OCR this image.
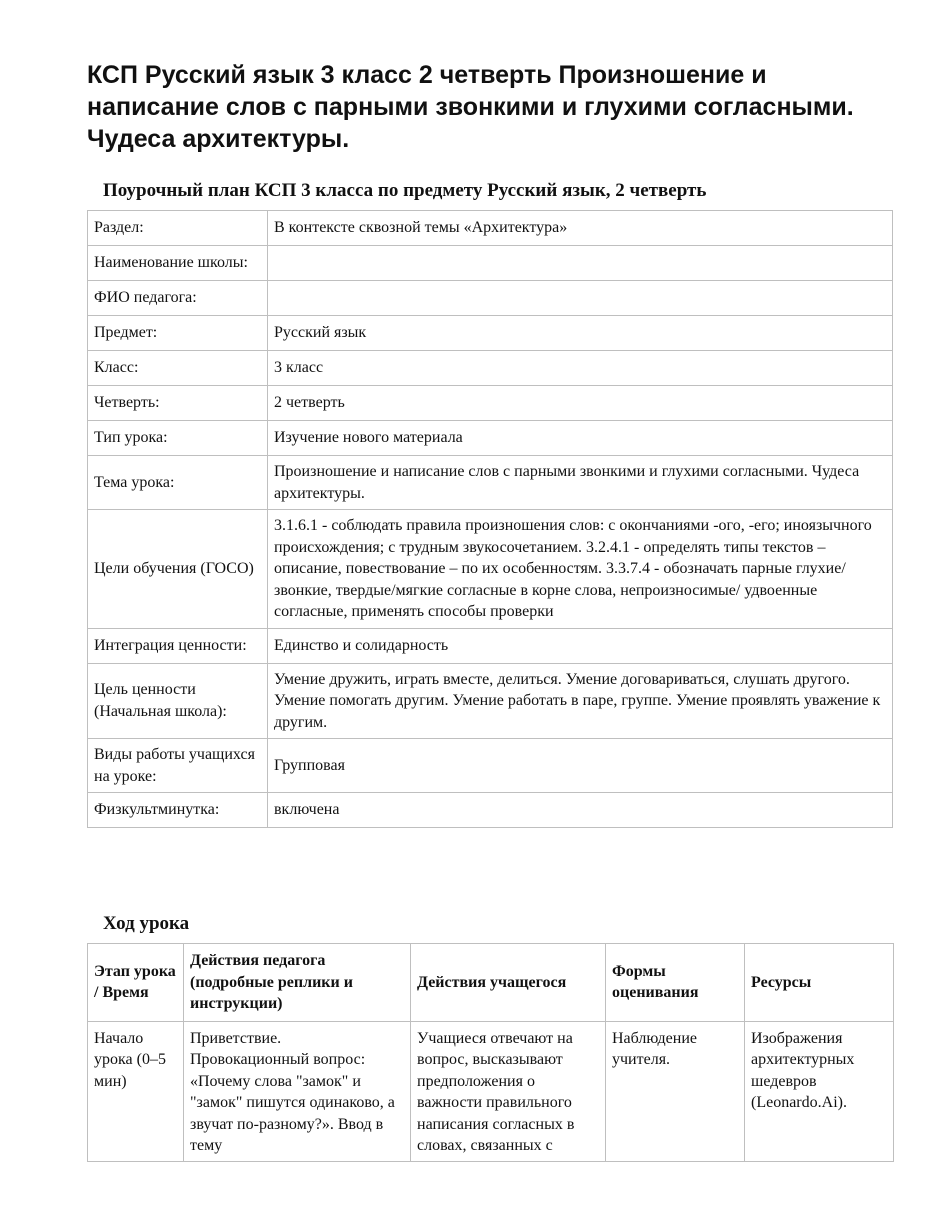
КСП Русский язык 3 класс 2 четверть Произношение и написание слов с парными звонкими и глухими согласными. Чудеса архитектуры.
Поурочный план КСП 3 класса по предмету Русский язык, 2 четверть
Раздел:	В контексте сквозной темы «Архитектура»
Наименование школы:	
ФИО педагога:	
Предмет:	Русский язык
Класс:	3 класс
Четверть:	2 четверть
Тип урока:	Изучение нового материала
Тема урока:	Произношение и написание слов с парными звонкими и глухими согласными. Чудеса архитектуры.
Цели обучения (ГОСО)	3.1.6.1 - соблюдать правила произношения слов: с окончаниями -ого, -его; иноязычного происхождения; с трудным звукосочетанием. 3.2.4.1 - определять типы текстов – описание, повествование – по их особенностям. 3.3.7.4 - обозначать парные глухие/звонкие, твердые/мягкие согласные в корне слова, непроизносимые/ удвоенные согласные, применять способы проверки
Интеграция ценности:	Единство и солидарность
Цель ценности (Начальная школа):	Умение дружить, играть вместе, делиться. Умение договариваться, слушать другого. Умение помогать другим. Умение работать в паре, группе. Умение проявлять уважение к другим.
Виды работы учащихся на уроке:	Групповая
Физкультминутка:	включена
Ход урока
Этап урока / Время	Действия педагога (подробные реплики и инструкции)	Действия учащегося	Формы оценивания	Ресурсы
Начало урока (0–5 мин)	Приветствие. Провокационный вопрос: «Почему слова "замок" и "замок" пишутся одинаково, а звучат по-разному?». Ввод в тему	Учащиеся отвечают на вопрос, высказывают предположения о важности правильного написания согласных в словах, связанных с	Наблюдение учителя.	Изображения архитектурных шедевров (Leonardo.Ai).
